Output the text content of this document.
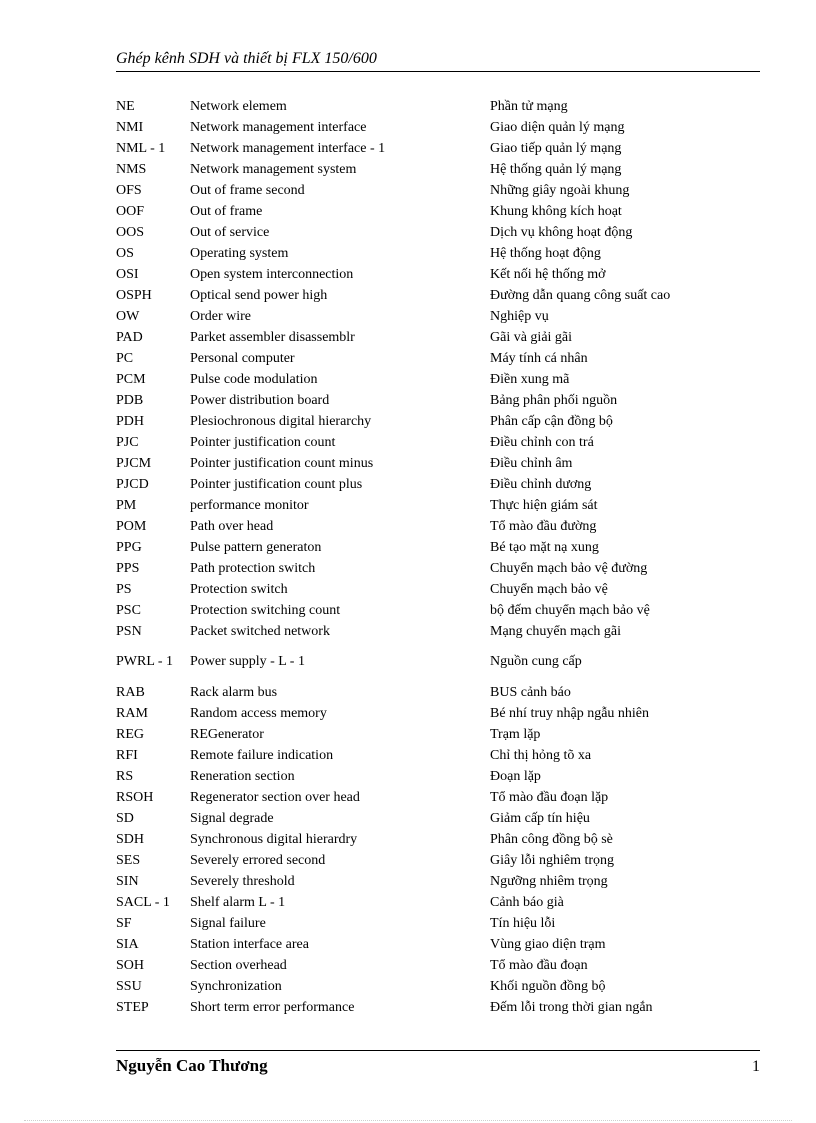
Ghép kênh SDH và thiết bị FLX 150/600
NE	Network elemem	Phần tử mạng
NMI	Network management interface	Giao diện quản lý mạng
NML - 1	Network management interface - 1	Giao tiếp quản lý mạng
NMS	Network management system	Hệ thống quản lý mạng
OFS	Out of frame second	Những giây ngoài khung
OOF	Out of frame	Khung không kích hoạt
OOS	Out of service	Dịch vụ không hoạt động
OS	Operating system	Hệ thống hoạt động
OSI	Open system interconnection	Kết nối hệ thống mở
OSPH	Optical send power high	Đường dẫn quang công suất cao
OW	Order wire	Nghiệp vụ
PAD	Parket assembler disassemblr	Gãi và giải gãi
PC	Personal computer	Máy tính cá nhân
PCM	Pulse code modulation	Điền xung mã
PDB	Power distribution board	Bảng phân phối nguồn
PDH	Plesiochronous digital hierarchy	Phân cấp cận đồng bộ
PJC	Pointer justification count	Điều chỉnh con trá
PJCM	Pointer justification count minus	Điều chỉnh âm
PJCD	Pointer justification count plus	Điều chỉnh dương
PM	performance monitor	Thực hiện giám sát
POM	Path over head	Tổ mào đầu đường
PPG	Pulse pattern generaton	Bé tạo mặt nạ xung
PPS	Path protection switch	Chuyển mạch bảo vệ đường
PS	Protection switch	Chuyển mạch bảo vệ
PSC	Protection switching count	bộ đếm chuyển mạch bảo vệ
PSN	Packet switched network	Mạng chuyển mạch gãi
PWRL - 1	Power supply - L - 1	Nguồn cung cấp
RAB	Rack alarm bus	BUS cảnh báo
RAM	Random access memory	Bé nhí truy nhập ngẫu nhiên
REG	REGenerator	Trạm lặp
RFI	Remote failure indication	Chỉ thị hỏng tõ xa
RS	Reneration section	Đoạn lặp
RSOH	Regenerator section over head	Tổ mào đầu đoạn lặp
SD	Signal degrade	Giảm cấp tín hiệu
SDH	Synchronous digital hierardry	Phân công đồng bộ sè
SES	Severely errored second	Giây lỗi nghiêm trọng
SIN	Severely threshold	Ngưỡng nhiêm trọng
SACL - 1	Shelf alarm L - 1	Cảnh báo già
SF	Signal failure	Tín hiệu lỗi
SIA	Station interface area	Vùng giao diện trạm
SOH	Section overhead	Tổ mào đầu đoạn
SSU	Synchronization	Khối nguồn đồng bộ
STEP	Short term error performance	Đếm lỗi trong thời gian ngắn
Nguyễn Cao Thương	1
